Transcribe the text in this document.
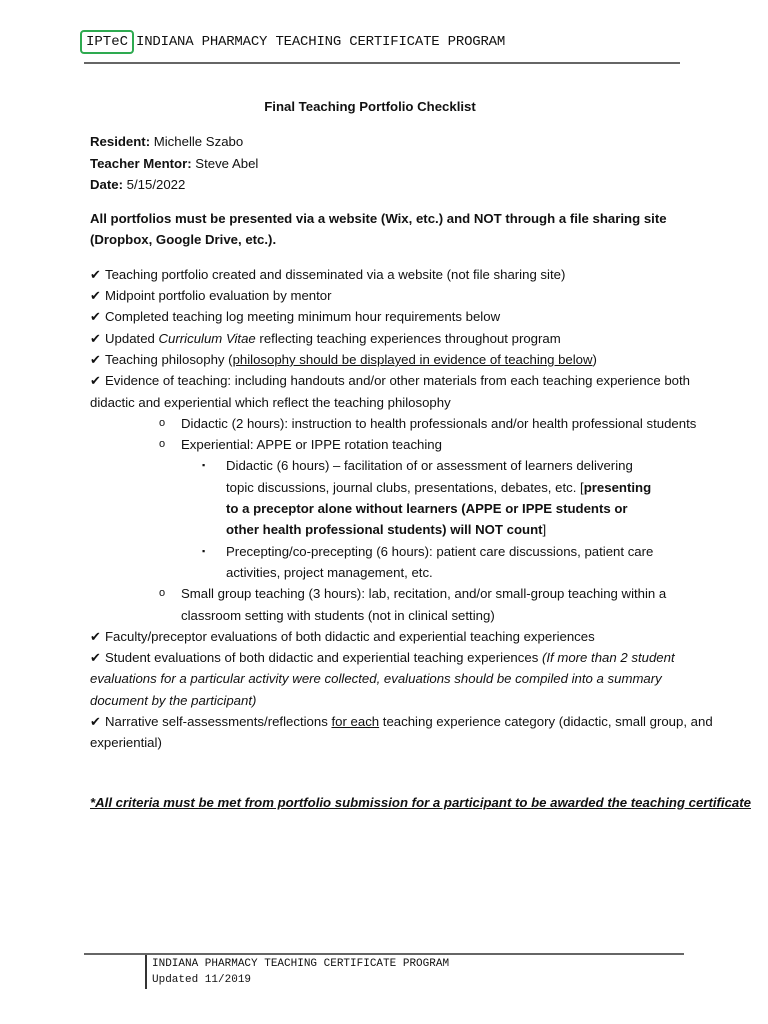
IPTeC INDIANA PHARMACY TEACHING CERTIFICATE PROGRAM

Final Teaching Portfolio Checklist

Resident: Michelle Szabo

Teacher Mentor: Steve Abel

Date: 5/15/2022

All portfolios must be presented via a website (Wix, etc.) and NOT through a file sharing site (Dropbox, Google Drive, etc.).

✔ Teaching portfolio created and disseminated via a website (not file sharing site)

✔ Midpoint portfolio evaluation by mentor

✔ Completed teaching log meeting minimum hour requirements below

✔ Updated Curriculum Vitae reflecting teaching experiences throughout program

✔ Teaching philosophy (philosophy should be displayed in evidence of teaching below)

✔ Evidence of teaching: including handouts and/or other materials from each teaching experience both didactic and experiential which reflect the teaching philosophy

o Didactic (2 hours): instruction to health professionals and/or health professional students

o Experiential: APPE or IPPE rotation teaching

▪ Didactic (6 hours) – facilitation of or assessment of learners delivering topic discussions, journal clubs, presentations, debates, etc. [presenting to a preceptor alone without learners (APPE or IPPE students or other health professional students) will NOT count]

▪ Precepting/co-precepting (6 hours): patient care discussions, patient care activities, project management, etc.

o Small group teaching (3 hours): lab, recitation, and/or small-group teaching within a classroom setting with students (not in clinical setting)

✔ Faculty/preceptor evaluations of both didactic and experiential teaching experiences

✔ Student evaluations of both didactic and experiential teaching experiences (If more than 2 student evaluations for a particular activity were collected, evaluations should be compiled into a summary document by the participant)

✔ Narrative self-assessments/reflections for each teaching experience category (didactic, small group, and experiential)

*All criteria must be met from portfolio submission for a participant to be awarded the teaching certificate

INDIANA PHARMACY TEACHING CERTIFICATE PROGRAM
Updated 11/2019
